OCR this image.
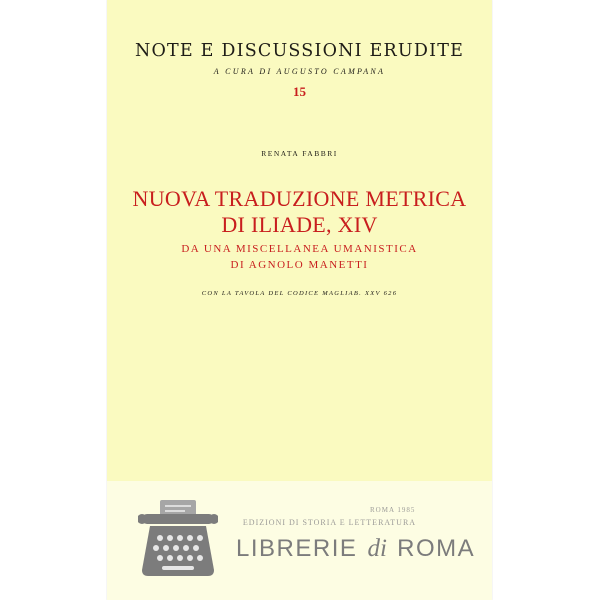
NOTE E DISCUSSIONI ERUDITE
A CURA DI AUGUSTO CAMPANA
15
RENATA FABBRI
NUOVA TRADUZIONE METRICA
DI ILIADE, XIV
DA UNA MISCELLANEA UMANISTICA
DI AGNOLO MANETTI
CON LA TAVOLA DEL CODICE MAGLIAB. XXV 626
LIBRERIE di ROMA
